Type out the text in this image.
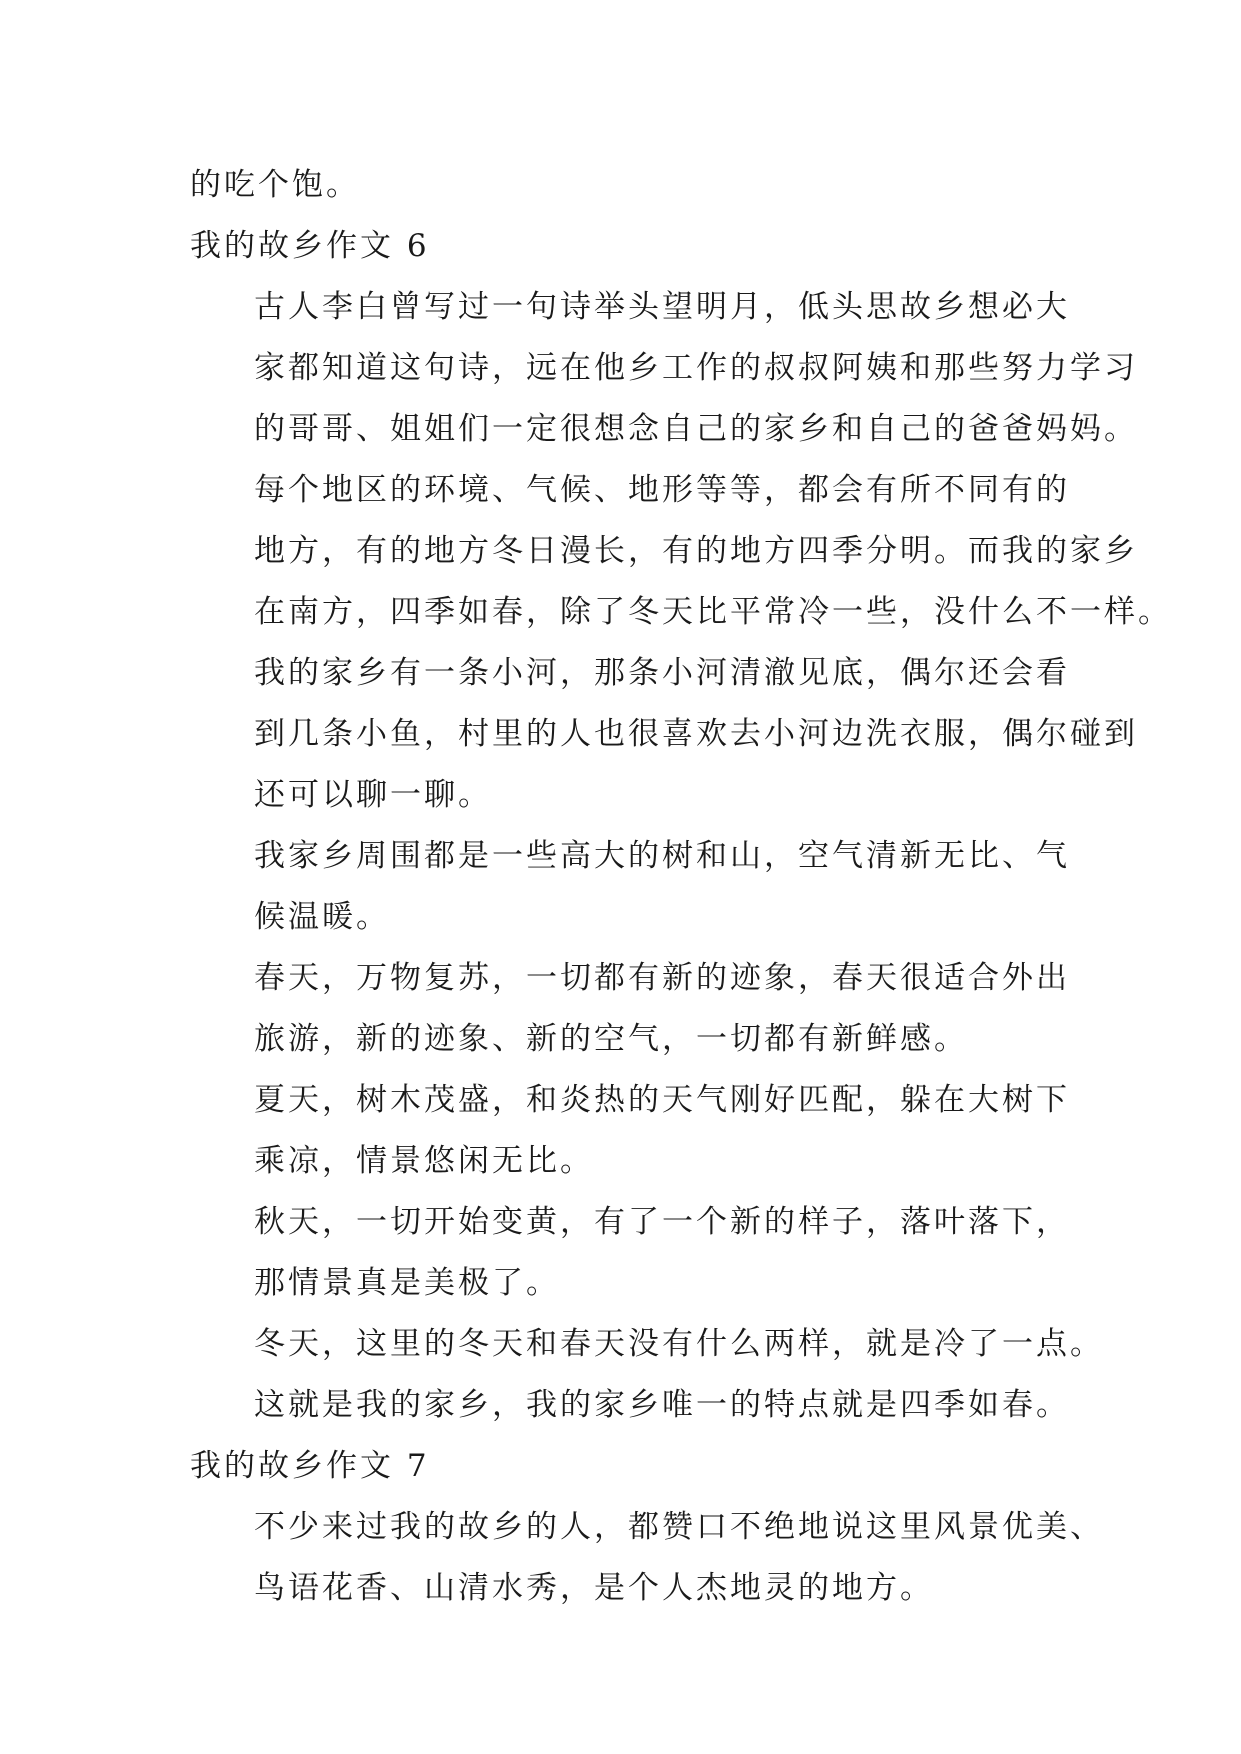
的吃个饱。

我的故乡作文 6

古人李白曾写过一句诗举头望明月，低头思故乡想必大
家都知道这句诗，远在他乡工作的叔叔阿姨和那些努力学习
的哥哥、姐姐们一定很想念自己的家乡和自己的爸爸妈妈。

每个地区的环境、气候、地形等等，都会有所不同有的
地方，有的地方冬日漫长，有的地方四季分明。而我的家乡
在南方，四季如春，除了冬天比平常冷一些，没什么不一样。

我的家乡有一条小河，那条小河清澈见底，偶尔还会看
到几条小鱼，村里的人也很喜欢去小河边洗衣服，偶尔碰到
还可以聊一聊。

我家乡周围都是一些高大的树和山，空气清新无比、气
候温暖。

春天，万物复苏，一切都有新的迹象，春天很适合外出
旅游，新的迹象、新的空气，一切都有新鲜感。

夏天，树木茂盛，和炎热的天气刚好匹配，躲在大树下
乘凉，情景悠闲无比。

秋天，一切开始变黄，有了一个新的样子，落叶落下，
那情景真是美极了。

冬天，这里的冬天和春天没有什么两样，就是冷了一点。

这就是我的家乡，我的家乡唯一的特点就是四季如春。

我的故乡作文 7

不少来过我的故乡的人，都赞口不绝地说这里风景优美、
鸟语花香、山清水秀，是个人杰地灵的地方。
